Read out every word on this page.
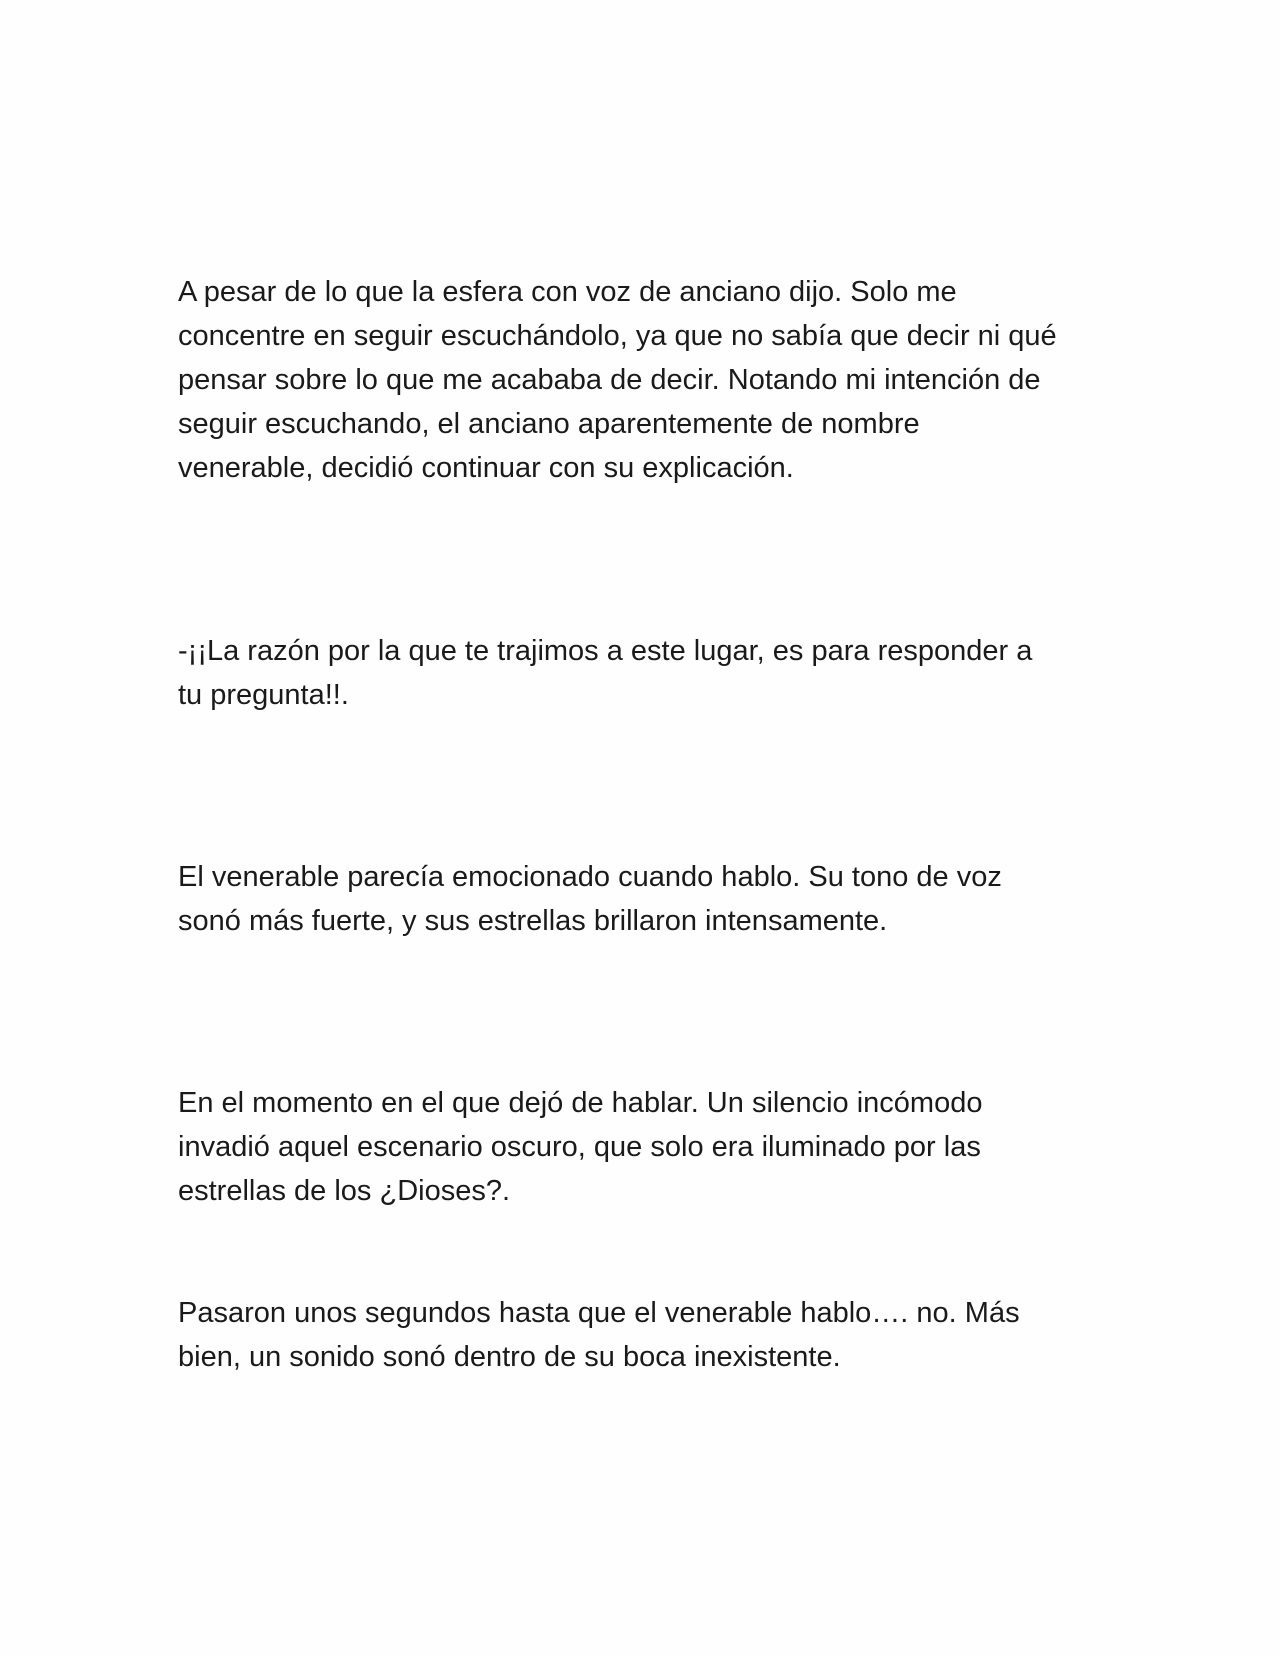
A pesar de lo que la esfera con voz de anciano dijo. Solo me
concentre en seguir escuchándolo, ya que no sabía que decir ni qué
pensar sobre lo que me acababa de decir. Notando mi intención de
seguir escuchando, el anciano aparentemente de nombre
venerable, decidió continuar con su explicación.

-¡¡La razón por la que te trajimos a este lugar, es para responder a
tu pregunta!!.

El venerable parecía emocionado cuando hablo. Su tono de voz
sonó más fuerte, y sus estrellas brillaron intensamente.

En el momento en el que dejó de hablar. Un silencio incómodo
invadió aquel escenario oscuro, que solo era iluminado por las
estrellas de los ¿Dioses?.

Pasaron unos segundos hasta que el venerable hablo…. no. Más
bien, un sonido sonó dentro de su boca inexistente.
